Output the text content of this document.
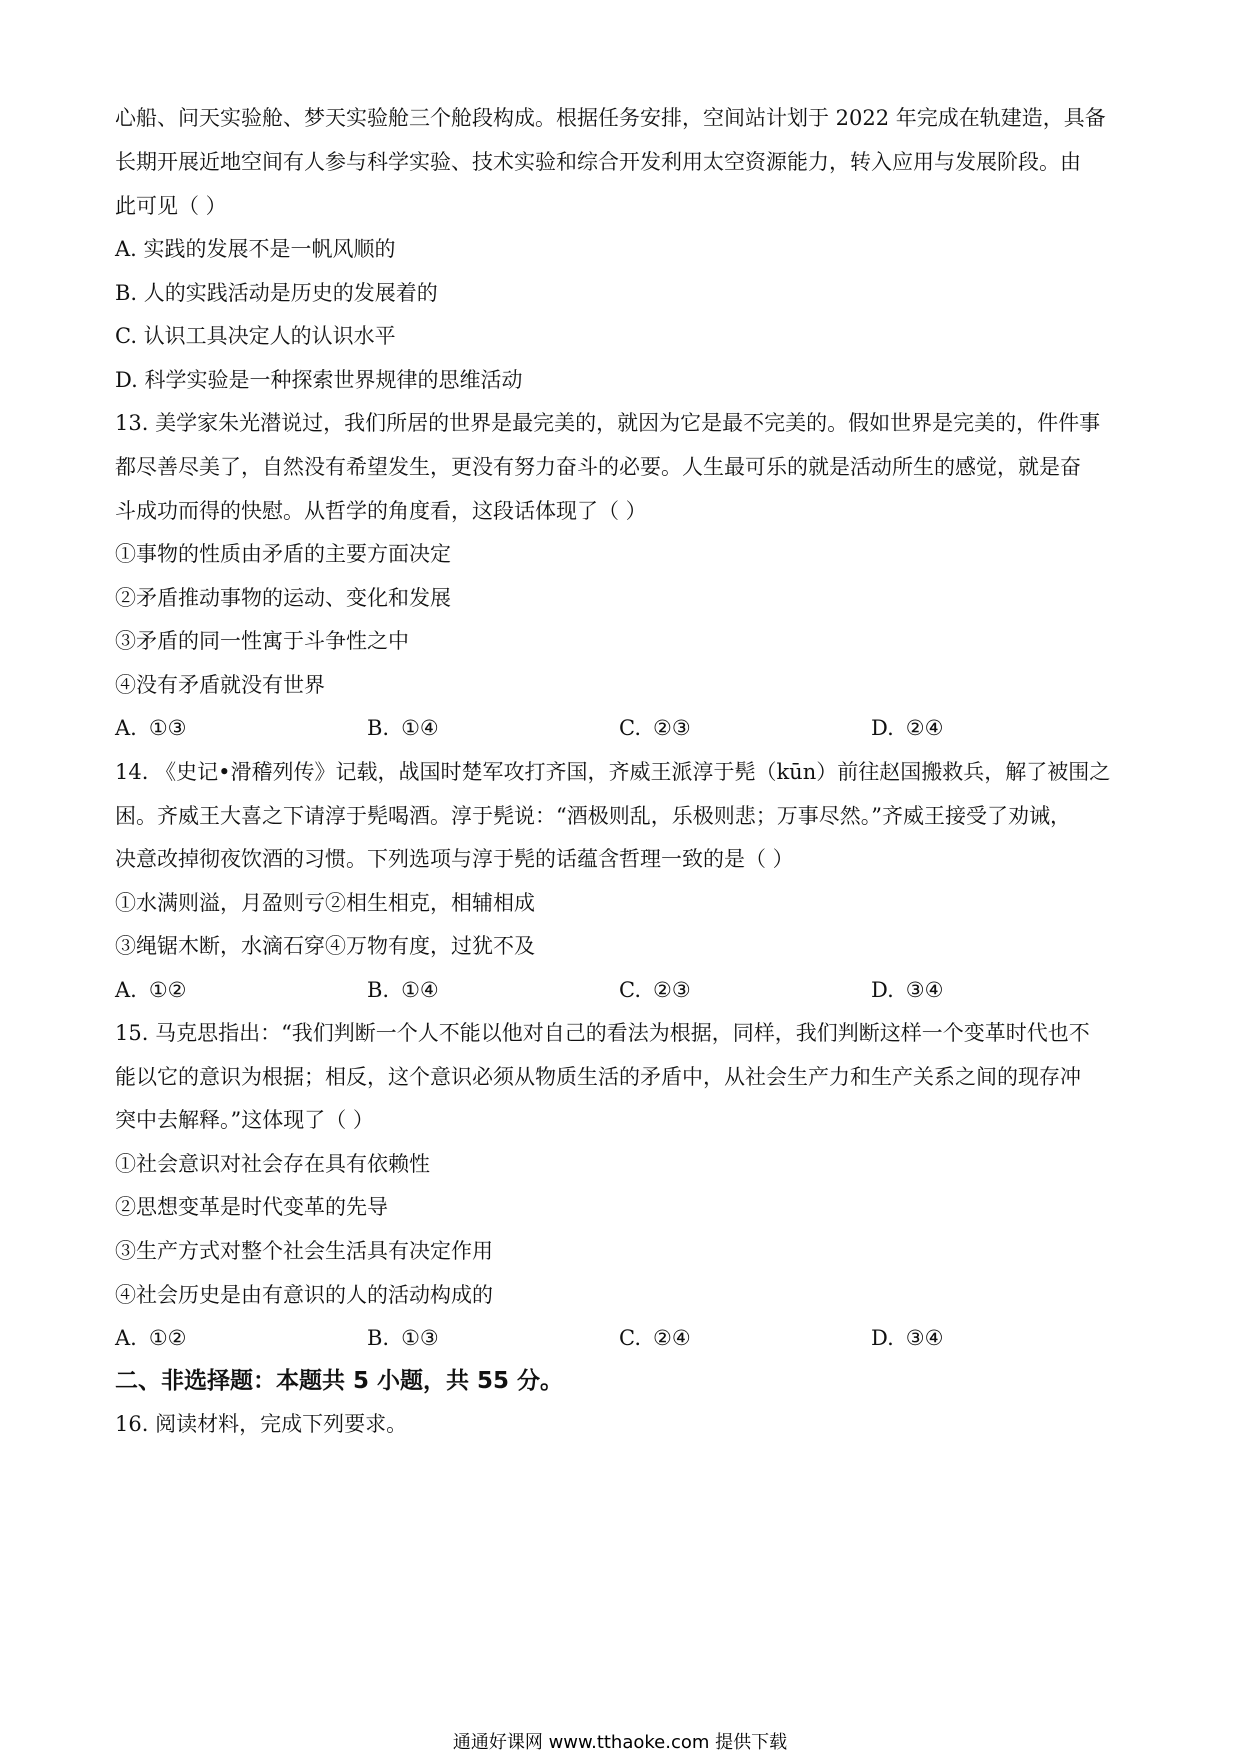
心船、问天实验舱、梦天实验舱三个舱段构成。根据任务安排，空间站计划于 2022 年完成在轨建造，具备
长期开展近地空间有人参与科学实验、技术实验和综合开发利用太空资源能力，转入应用与发展阶段。由
此可见（ ）
A. 实践的发展不是一帆风顺的
B. 人的实践活动是历史的发展着的
C. 认识工具决定人的认识水平
D. 科学实验是一种探索世界规律的思维活动
13. 美学家朱光潜说过，我们所居的世界是最完美的，就因为它是最不完美的。假如世界是完美的，件件事
都尽善尽美了，自然没有希望发生，更没有努力奋斗的必要。人生最可乐的就是活动所生的感觉，就是奋
斗成功而得的快慰。从哲学的角度看，这段话体现了（ ）
①事物的性质由矛盾的主要方面决定
②矛盾推动事物的运动、变化和发展
③矛盾的同一性寓于斗争性之中
④没有矛盾就没有世界
A. ①③	B. ①④	C. ②③	D. ②④
14. 《史记•滑稽列传》记载，战国时楚军攻打齐国，齐威王派淳于髡（kūn）前往赵国搬救兵，解了被围之
困。齐威王大喜之下请淳于髡喝酒。淳于髡说：“酒极则乱，乐极则悲；万事尽然。”齐威王接受了劝诫，
决意改掉彻夜饮酒的习惯。下列选项与淳于髡的话蕴含哲理一致的是（ ）
①水满则溢，月盈则亏②相生相克，相辅相成
③绳锯木断，水滴石穿④万物有度，过犹不及
A. ①②	B. ①④	C. ②③	D. ③④
15. 马克思指出：“我们判断一个人不能以他对自己的看法为根据，同样，我们判断这样一个变革时代也不
能以它的意识为根据；相反，这个意识必须从物质生活的矛盾中，从社会生产力和生产关系之间的现存冲
突中去解释。”这体现了（ ）
①社会意识对社会存在具有依赖性
②思想变革是时代变革的先导
③生产方式对整个社会生活具有决定作用
④社会历史是由有意识的人的活动构成的
A. ①②	B. ①③	C. ②④	D. ③④
二、非选择题：本题共 5 小题，共 55 分。
16. 阅读材料，完成下列要求。
通通好课网 www.tthaoke.com 提供下载
